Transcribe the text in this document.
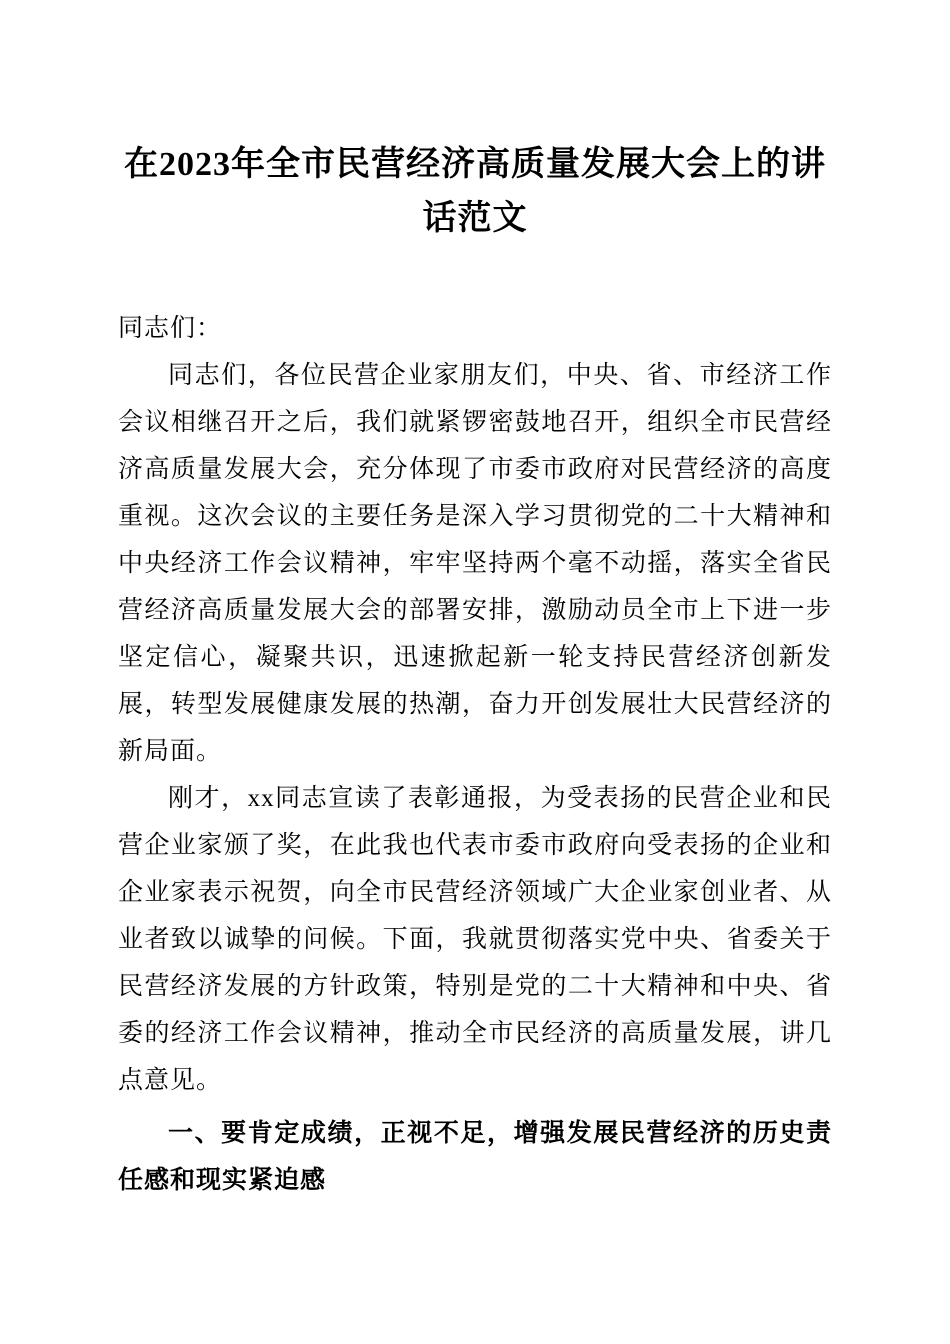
在2023年全市民营经济高质量发展大会上的讲话范文

同志们：

同志们，各位民营企业家朋友们，中央、省、市经济工作会议相继召开之后，我们就紧锣密鼓地召开，组织全市民营经济高质量发展大会，充分体现了市委市政府对民营经济的高度重视。这次会议的主要任务是深入学习贯彻党的二十大精神和中央经济工作会议精神，牢牢坚持两个毫不动摇，落实全省民营经济高质量发展大会的部署安排，激励动员全市上下进一步坚定信心，凝聚共识，迅速掀起新一轮支持民营经济创新发展，转型发展健康发展的热潮，奋力开创发展壮大民营经济的新局面。

刚才，xx同志宣读了表彰通报，为受表扬的民营企业和民营企业家颁了奖，在此我也代表市委市政府向受表扬的企业和企业家表示祝贺，向全市民营经济领域广大企业家创业者、从业者致以诚挚的问候。下面，我就贯彻落实党中央、省委关于民营经济发展的方针政策，特别是党的二十大精神和中央、省委的经济工作会议精神，推动全市民经济的高质量发展，讲几点意见。

一、要肯定成绩，正视不足，增强发展民营经济的历史责任感和现实紧迫感
